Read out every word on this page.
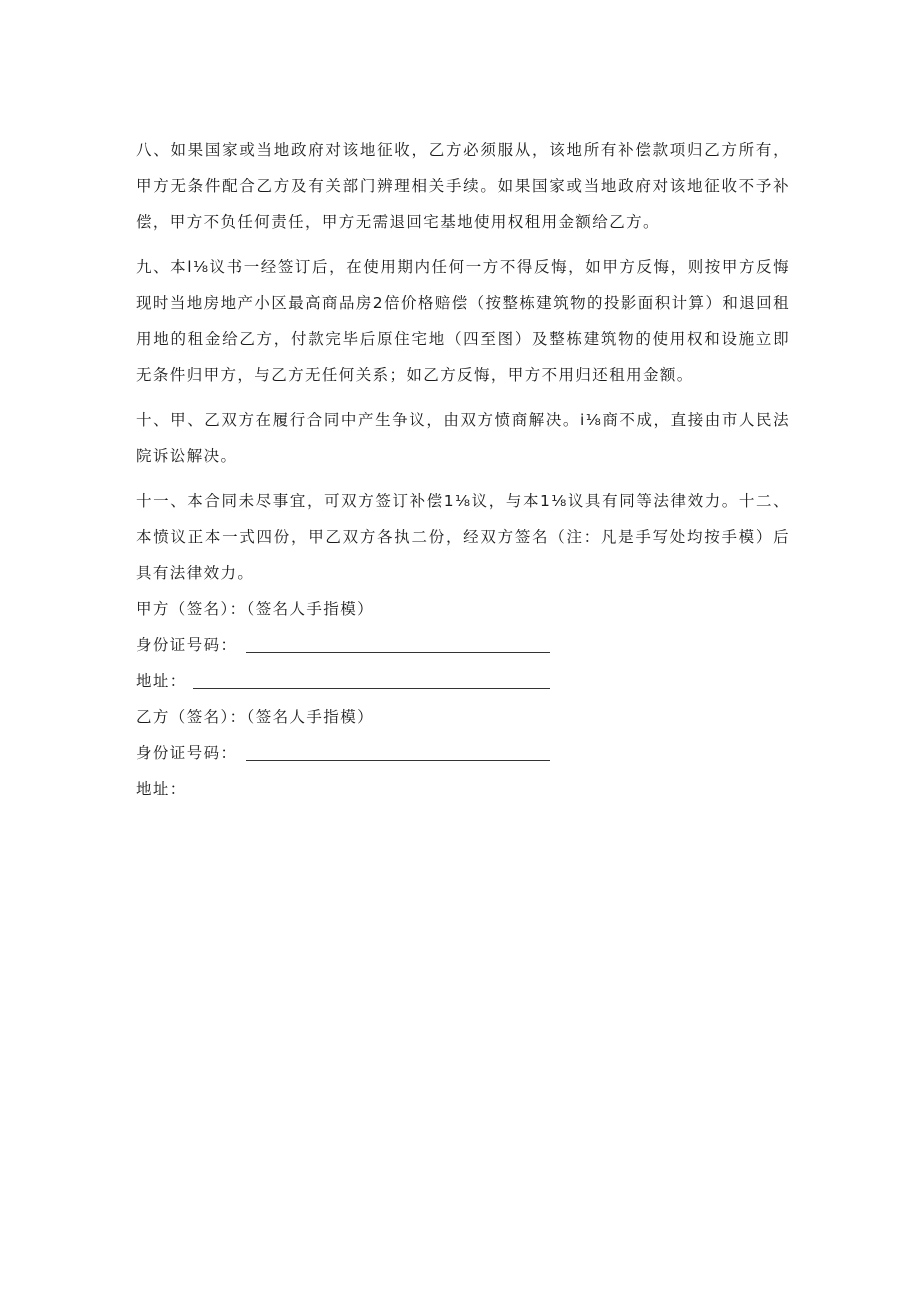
八、如果国家或当地政府对该地征收，乙方必须服从，该地所有补偿款项归乙方所有，甲方无条件配合乙方及有关部门辨理相关手续。如果国家或当地政府对该地征收不予补偿，甲方不负任何责任，甲方无需退回宅基地使用权租用金额给乙方。

九、本l⅛议书一经签订后，在使用期内任何一方不得反悔，如甲方反悔，则按甲方反悔现时当地房地产小区最高商品房2倍价格赔偿（按整栋建筑物的投影面积计算）和退回租用地的租金给乙方，付款完毕后原住宅地（四至图）及整栋建筑物的使用权和设施立即无条件归甲方，与乙方无任何关系；如乙方反悔，甲方不用归还租用金额。

十、甲、乙双方在履行合同中产生争议，由双方愤商解决。i⅛商不成，直接由市人民法院诉讼解决。

十一、本合同未尽事宜，可双方签订补偿1⅛议，与本1⅛议具有同等法律效力。十二、本愤议正本一式四份，甲乙双方各执二份，经双方签名（注：凡是手写处均按手模）后具有法律效力。

甲方（签名）：（签名人手指模）
身份证号码：
地址：
乙方（签名）：（签名人手指模）
身份证号码：
地址：
